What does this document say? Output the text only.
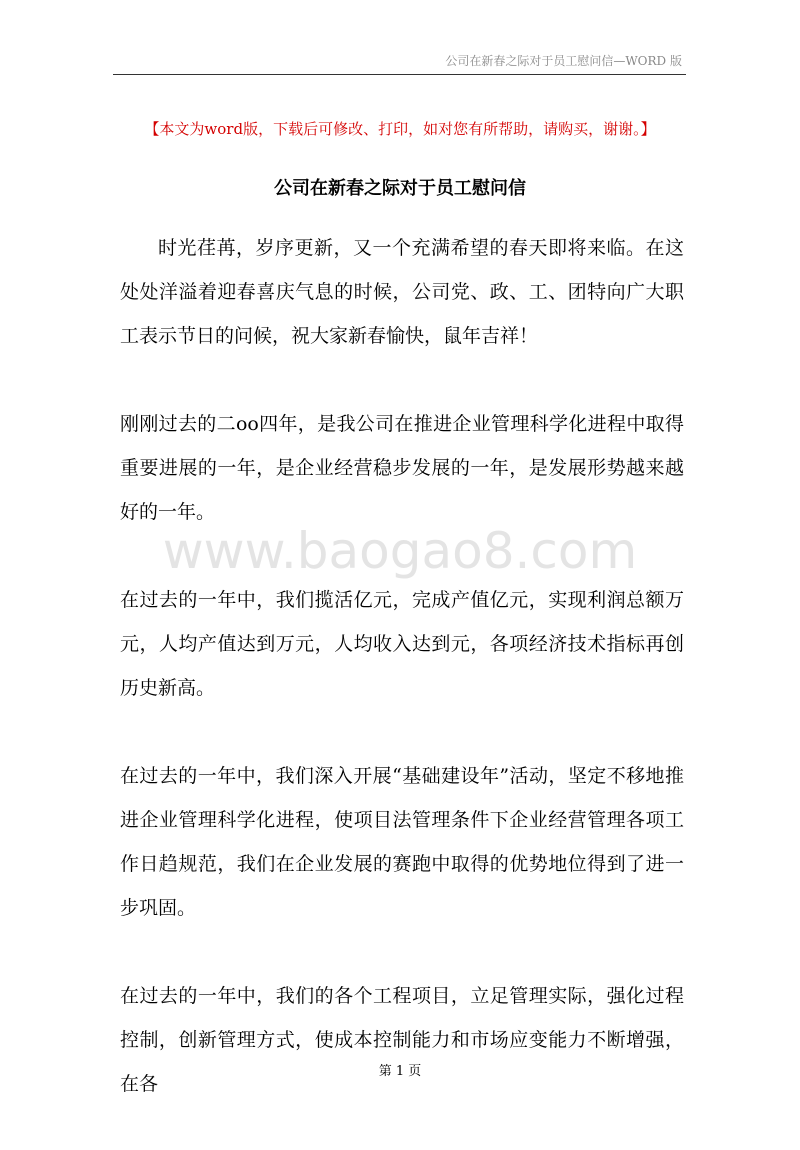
公司在新春之际对于员工慰问信—WORD 版
【本文为word版，下载后可修改、打印，如对您有所帮助，请购买，谢谢。】
公司在新春之际对于员工慰问信
www.baogao8.com

时光荏苒，岁序更新，又一个充满希望的春天即将来临。在这处处洋溢着迎春喜庆气息的时候，公司党、政、工、团特向广大职工表示节日的问候，祝大家新春愉快，鼠年吉祥！

刚刚过去的二oo四年，是我公司在推进企业管理科学化进程中取得重要进展的一年，是企业经营稳步发展的一年，是发展形势越来越好的一年。

在过去的一年中，我们揽活亿元，完成产值亿元，实现利润总额万元，人均产值达到万元，人均收入达到元，各项经济技术指标再创历史新高。

在过去的一年中，我们深入开展“基础建设年”活动，坚定不移地推进企业管理科学化进程，使项目法管理条件下企业经营管理各项工作日趋规范，我们在企业发展的赛跑中取得的优势地位得到了进一步巩固。

在过去的一年中，我们的各个工程项目，立足管理实际，强化过程控制，创新管理方式，使成本控制能力和市场应变能力不断增强，在各

第 1 页
